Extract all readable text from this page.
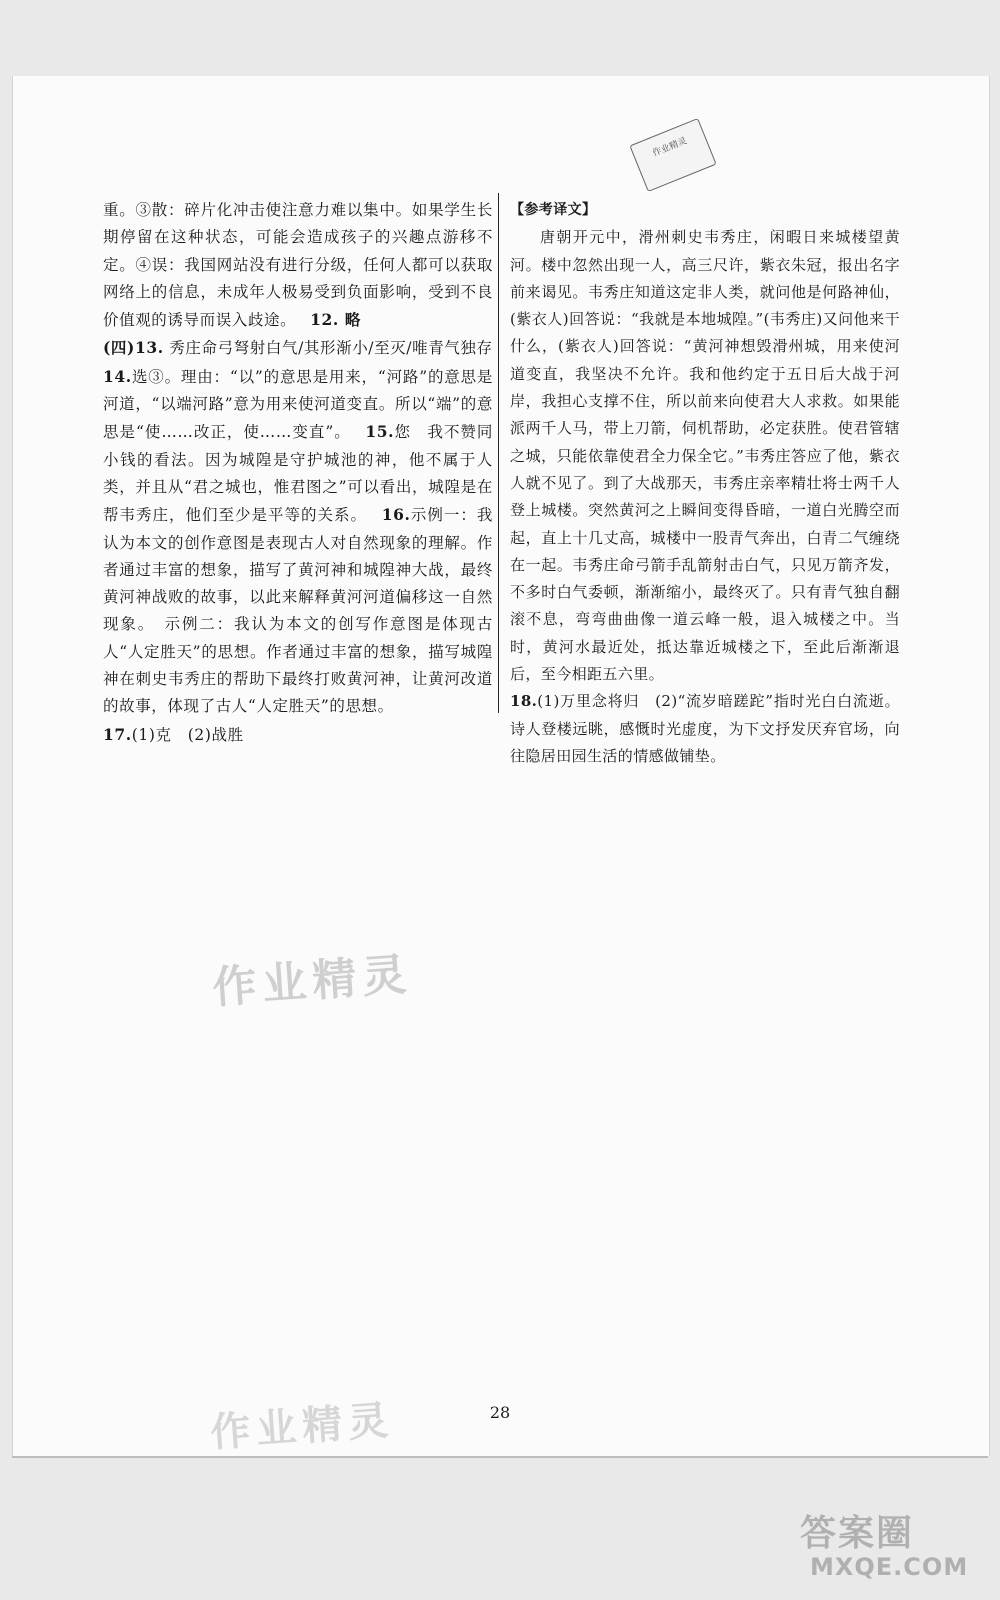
作业精灵

重。③散：碎片化冲击使注意力难以集中。如果学生长期停留在这种状态，可能会造成孩子的兴趣点游移不定。④误：我国网站没有进行分级，任何人都可以获取网络上的信息，未成年人极易受到负面影响，受到不良价值观的诱导而误入歧途。　 12. 略

(四)13. 秀庄命弓弩射白气/其形渐小/至灭/唯青气独存

14.选③。理由：“以”的意思是用来，“河路”的意思是河道，“以端河路”意为用来使河道变直。所以“端”的意思是“使……改正，使……变直”。　 15.您　我不赞同小钱的看法。因为城隍是守护城池的神，他不属于人类，并且从“君之城也，惟君图之”可以看出，城隍是在帮韦秀庄，他们至少是平等的关系。　 16.示例一：我认为本文的创作意图是表现古人对自然现象的理解。作者通过丰富的想象，描写了黄河神和城隍神大战，最终黄河神战败的故事，以此来解释黄河河道偏移这一自然现象。　示例二：我认为本文的创写作意图是体现古人“人定胜天”的思想。作者通过丰富的想象，描写城隍神在刺史韦秀庄的帮助下最终打败黄河神，让黄河改道的故事，体现了古人“人定胜天”的思想。

17.(1)克　(2)战胜

【参考译文】

唐朝开元中，滑州刺史韦秀庄，闲暇日来城楼望黄河。楼中忽然出现一人，高三尺许，紫衣朱冠，报出名字前来谒见。韦秀庄知道这定非人类，就问他是何路神仙，(紫衣人)回答说：“我就是本地城隍。”(韦秀庄)又问他来干什么，(紫衣人)回答说：“黄河神想毁滑州城，用来使河道变直，我坚决不允许。我和他约定于五日后大战于河岸，我担心支撑不住，所以前来向使君大人求救。如果能派两千人马，带上刀箭，伺机帮助，必定获胜。使君管辖之城，只能依靠使君全力保全它。”韦秀庄答应了他，紫衣人就不见了。到了大战那天，韦秀庄亲率精壮将士两千人登上城楼。突然黄河之上瞬间变得昏暗，一道白光腾空而起，直上十几丈高，城楼中一股青气奔出，白青二气缠绕在一起。韦秀庄命弓箭手乱箭射击白气，只见万箭齐发，不多时白气委顿，渐渐缩小，最终灭了。只有青气独自翻滚不息，弯弯曲曲像一道云峰一般，退入城楼之中。当时，黄河水最近处，抵达靠近城楼之下，至此后渐渐退后，至今相距五六里。

18.(1)万里念将归　(2)“流岁暗蹉跎”指时光白白流逝。诗人登楼远眺，感慨时光虚度，为下文抒发厌弃官场，向往隐居田园生活的情感做铺垫。

作业精灵
作业精灵	28
答案圈
MXQE.COM
